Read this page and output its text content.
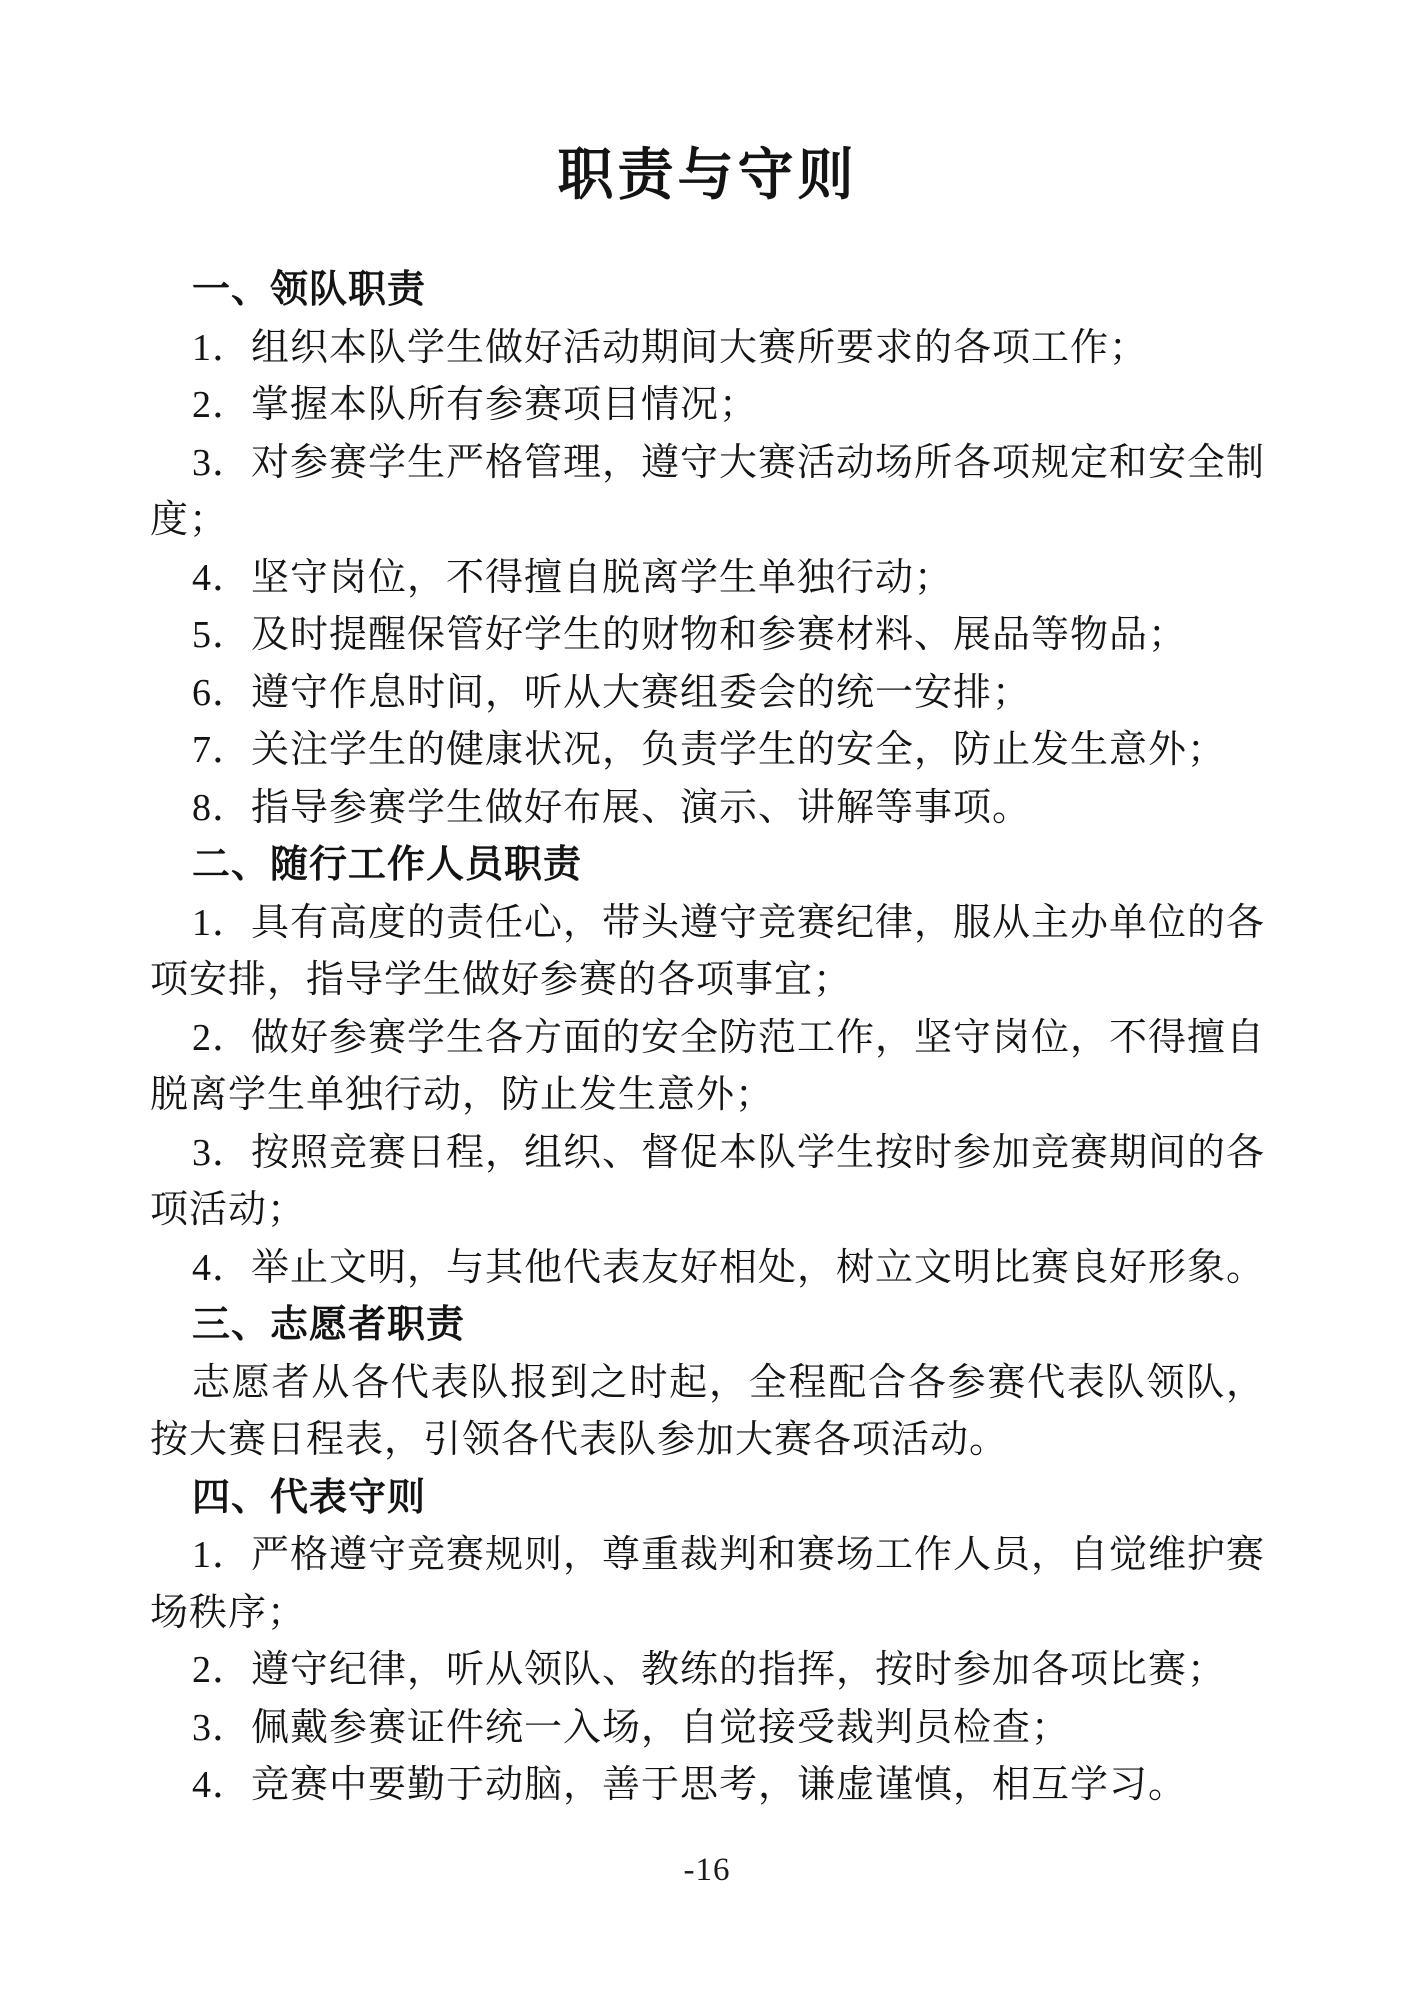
职责与守则
一、领队职责

1．组织本队学生做好活动期间大赛所要求的各项工作；

2．掌握本队所有参赛项目情况；

3．对参赛学生严格管理，遵守大赛活动场所各项规定和安全制度；

4．坚守岗位，不得擅自脱离学生单独行动；

5．及时提醒保管好学生的财物和参赛材料、展品等物品；

6．遵守作息时间，听从大赛组委会的统一安排；

7．关注学生的健康状况，负责学生的安全，防止发生意外；

8．指导参赛学生做好布展、演示、讲解等事项。

二、随行工作人员职责

1．具有高度的责任心，带头遵守竞赛纪律，服从主办单位的各项安排，指导学生做好参赛的各项事宜；

2．做好参赛学生各方面的安全防范工作，坚守岗位，不得擅自脱离学生单独行动，防止发生意外；

3．按照竞赛日程，组织、督促本队学生按时参加竞赛期间的各项活动；

4．举止文明，与其他代表友好相处，树立文明比赛良好形象。

三、志愿者职责

志愿者从各代表队报到之时起，全程配合各参赛代表队领队，按大赛日程表，引领各代表队参加大赛各项活动。

四、代表守则

1．严格遵守竞赛规则，尊重裁判和赛场工作人员，自觉维护赛场秩序；

2．遵守纪律，听从领队、教练的指挥，按时参加各项比赛；

3．佩戴参赛证件统一入场，自觉接受裁判员检查；

4．竞赛中要勤于动脑，善于思考，谦虚谨慎，相互学习。

-16
